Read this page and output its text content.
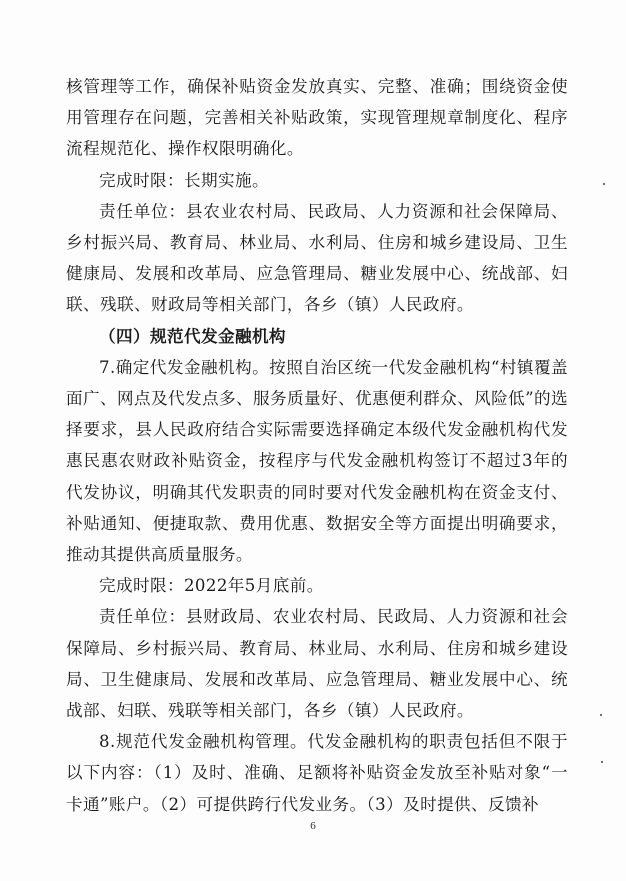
核管理等工作，确保补贴资金发放真实、完整、准确；围绕资金使用管理存在问题，完善相关补贴政策，实现管理规章制度化、程序流程规范化、操作权限明确化。

完成时限：长期实施。

责任单位：县农业农村局、民政局、人力资源和社会保障局、乡村振兴局、教育局、林业局、水利局、住房和城乡建设局、卫生健康局、发展和改革局、应急管理局、糖业发展中心、统战部、妇联、残联、财政局等相关部门，各乡（镇）人民政府。

（四）规范代发金融机构

7.确定代发金融机构。按照自治区统一代发金融机构“村镇覆盖面广、网点及代发点多、服务质量好、优惠便利群众、风险低”的选择要求，县人民政府结合实际需要选择确定本级代发金融机构代发惠民惠农财政补贴资金，按程序与代发金融机构签订不超过3年的代发协议，明确其代发职责的同时要对代发金融机构在资金支付、补贴通知、便捷取款、费用优惠、数据安全等方面提出明确要求，推动其提供高质量服务。

完成时限：2022年5月底前。

责任单位：县财政局、农业农村局、民政局、人力资源和社会保障局、乡村振兴局、教育局、林业局、水利局、住房和城乡建设局、卫生健康局、发展和改革局、应急管理局、糖业发展中心、统战部、妇联、残联等相关部门，各乡（镇）人民政府。

8.规范代发金融机构管理。代发金融机构的职责包括但不限于以下内容：（1）及时、准确、足额将补贴资金发放至补贴对象“一卡通”账户。（2）可提供跨行代发业务。（3）及时提供、反馈补

6
